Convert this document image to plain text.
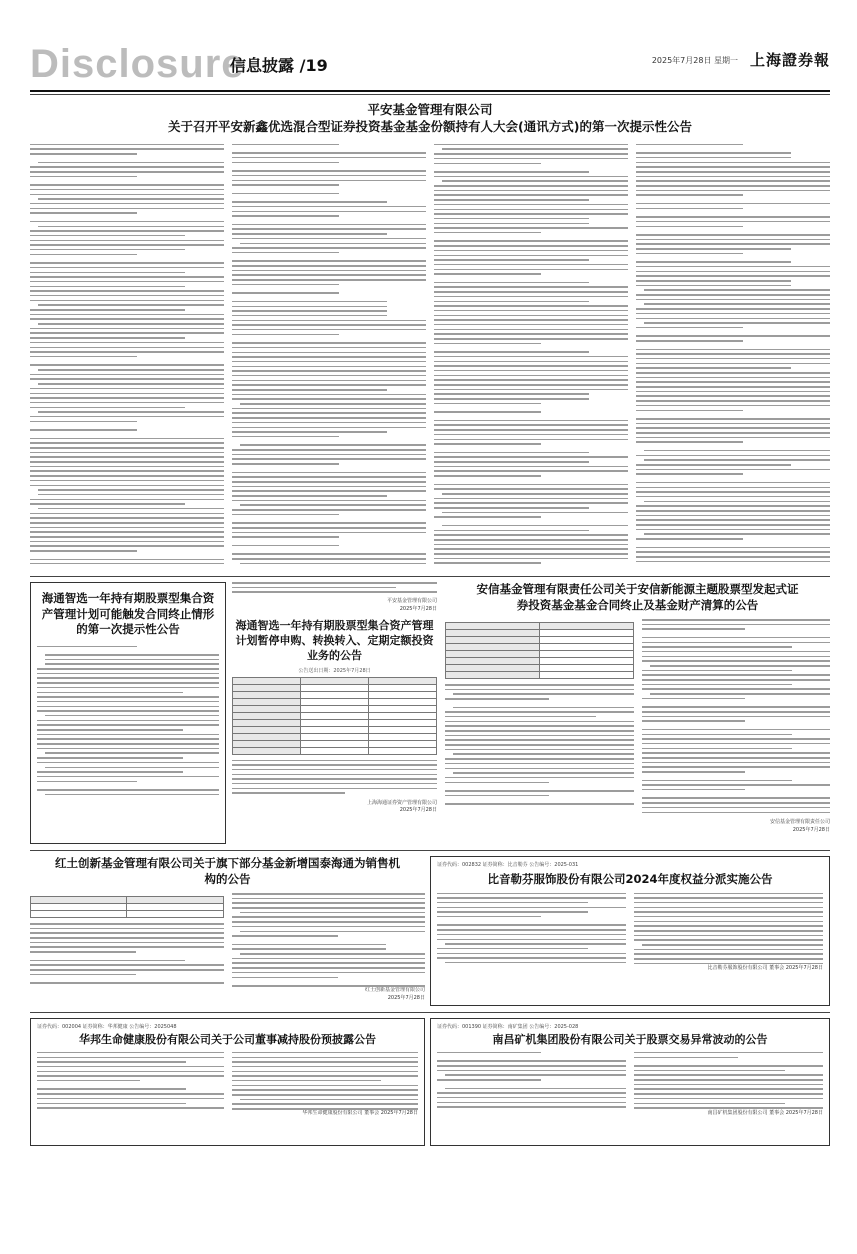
Disclosure
信息披露 /19	2025年7月28日 星期一 上海證券報
平安基金管理有限公司
关于召开平安新鑫优选混合型证券投资基金基金份额持有人大会(通讯方式)的第一次提示性公告
海通智选一年持有期股票型集合资产管理计划可能触发合同终止情形的第一次提示性公告
平安基金管理有限公司
2025年7月28日
海通智选一年持有期股票型集合资产管理计划暂停申购、转换转入、定期定额投资业务的公告
公告送出日期：2025年7月28日

上海海通证券资产管理有限公司
2025年7月28日
安信基金管理有限责任公司关于安信新能源主题股票型发起式证券投资基金基金合同终止及基金财产清算的公告

安信基金管理有限责任公司
2025年7月28日
红土创新基金管理有限公司关于旗下部分基金新增国泰海通为销售机构的公告

红土创新基金管理有限公司
2025年7月28日
证券代码：002832 证券简称：比音勒芬 公告编号：2025-031
比音勒芬服饰股份有限公司2024年度权益分派实施公告
比音勒芬服饰股份有限公司 董事会 2025年7月28日
证券代码：002004 证券简称：华邦健康 公告编号：2025048
华邦生命健康股份有限公司关于公司董事减持股份预披露公告
华邦生命健康股份有限公司 董事会 2025年7月28日
证券代码：001390 证券简称：南矿集团 公告编号：2025-028
南昌矿机集团股份有限公司关于股票交易异常波动的公告
南昌矿机集团股份有限公司 董事会 2025年7月28日
